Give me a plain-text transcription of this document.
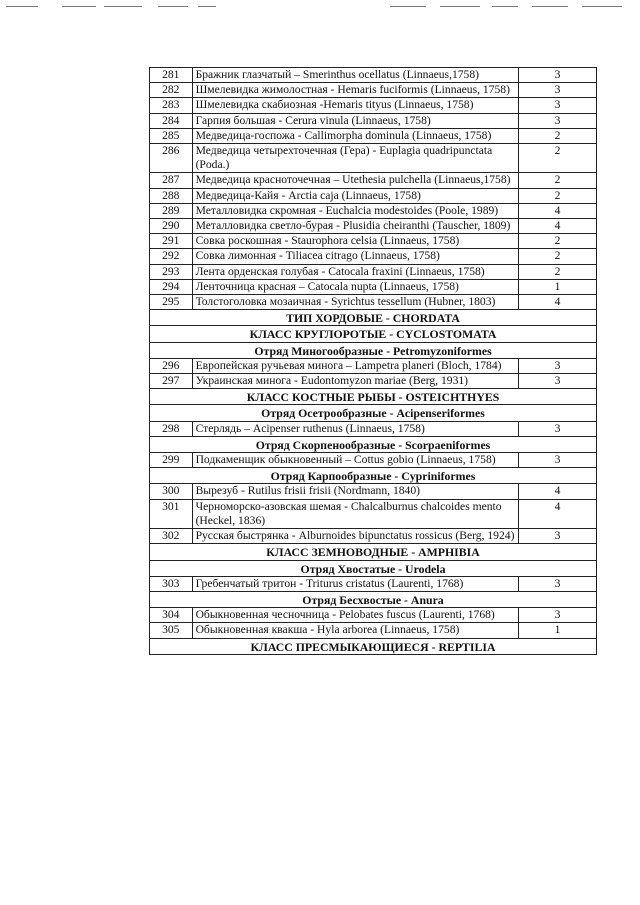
281	Бражник глазчатый – Smerinthus ocellatus (Linnaeus,1758)	3
282	Шмелевидка жимолостная - Hemaris fuciformis (Linnaeus, 1758)	3
283	Шмелевидка скабиозная -Hemaris tityus (Linnaeus, 1758)	3
284	Гарпия большая - Cerura vinula (Linnaeus, 1758)	3
285	Медведица-госпожа - Callimorpha dominula (Linnaeus, 1758)	2
286	Медведица четырехточечная (Гера) - Euplagia quadripunctata (Poda.)	2
287	Медведица красноточечная – Utethesia pulchella (Linnaeus,1758)	2
288	Медведица-Кайя - Arctia caja (Linnaeus, 1758)	2
289	Металловидка скромная - Euchalcia modestoides (Poole, 1989)	4
290	Металловидка светло-бурая - Plusidia cheiranthi (Tauscher, 1809)	4
291	Совка роскошная - Staurophora celsia (Linnaeus, 1758)	2
292	Совка лимонная - Tiliacea citrago (Linnaeus, 1758)	2
293	Лента орденская голубая - Catocala fraxini (Linnaeus, 1758)	2
294	Ленточница красная – Catocala nupta (Linnaeus, 1758)	1
295	Толстоголовка мозаичная - Syrichtus tessellum (Hubner, 1803)	4
ТИП ХОРДОВЫЕ - CHORDATA		
КЛАСС КРУГЛОРОТЫЕ - CYCLOSTOMATA		
Отряд Миногообразные - Petromyzoniformes		
296	Европейская ручьевая минога – Lampetra planeri (Bloch, 1784)	3
297	Украинская минога - Eudontomyzon mariae (Berg, 1931)	3
КЛАСС КОСТНЫЕ РЫБЫ - OSTEICHTHYES		
Отряд Осетрообразные - Acipenseriformes		
298	Стерлядь – Acipenser ruthenus (Linnaeus, 1758)	3
Отряд Скорпенообразные - Scorpaeniformes		
299	Подкаменщик обыкновенный – Cottus gobio (Linnaeus, 1758)	3
Отряд Карпообразные - Cypriniformes		
300	Вырезуб - Rutilus frisii frisii (Nordmann, 1840)	4
301	Черноморско-азовская шемая - Chalcalburnus chalcoides mento (Heckel, 1836)	4
302	Русская быстрянка - Alburnoides bipunctatus rossicus (Berg, 1924)	3
КЛАСС ЗЕМНОВОДНЫЕ - AMPHIBIA		
Отряд Хвостатые - Urodela		
303	Гребенчатый тритон - Triturus cristatus (Laurenti, 1768)	3
Отряд Бесхвостые - Anura		
304	Обыкновенная чесночница - Pelobates fuscus (Laurenti, 1768)	3
305	Обыкновенная квакша - Hyla arborea (Linnaeus, 1758)	1
КЛАСС ПРЕСМЫКАЮЩИЕСЯ - REPTILIA		
